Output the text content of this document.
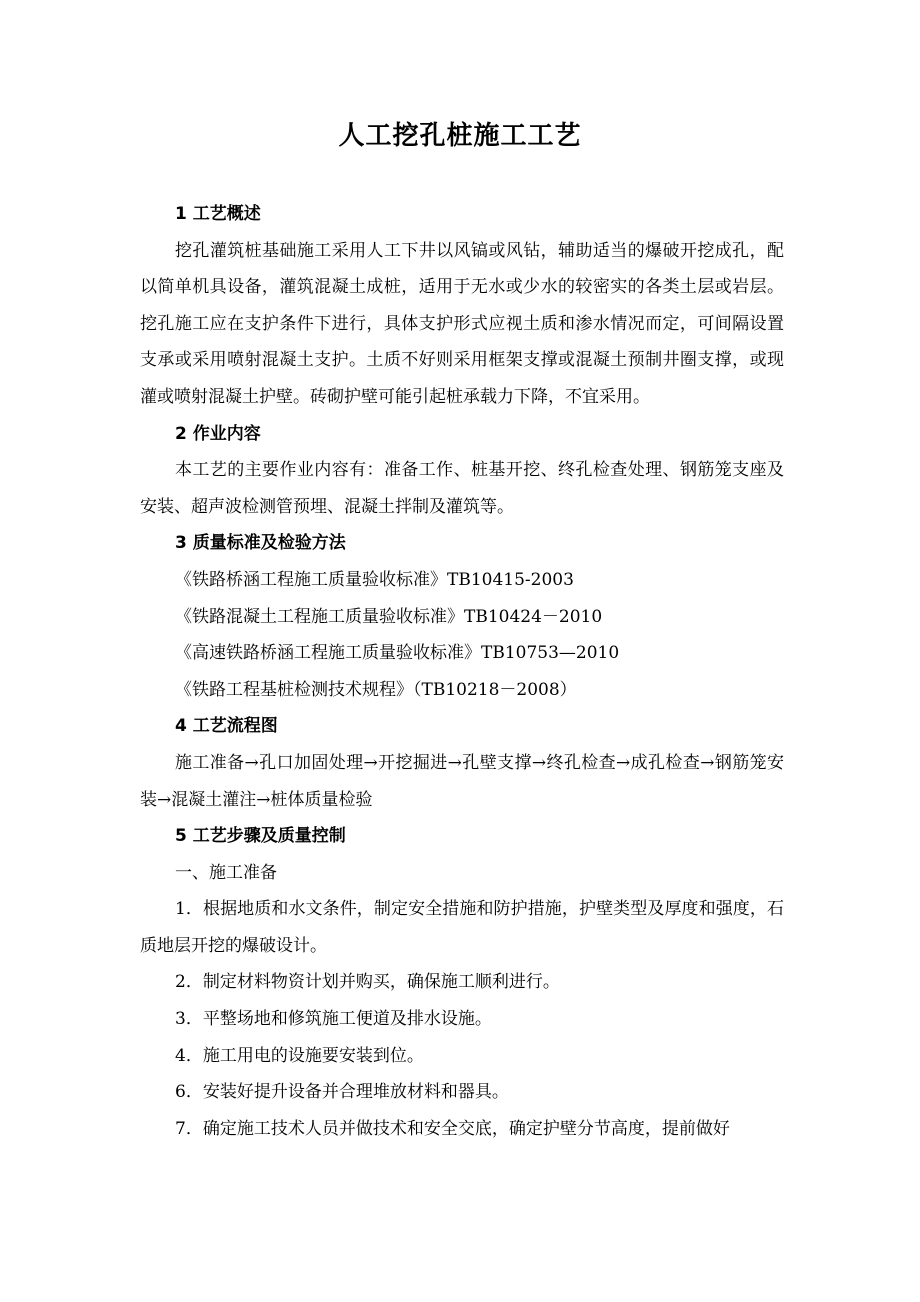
人工挖孔桩施工工艺

1 工艺概述

挖孔灌筑桩基础施工采用人工下井以风镐或风钻，辅助适当的爆破开挖成孔，配以简单机具设备，灌筑混凝土成桩，适用于无水或少水的较密实的各类土层或岩层。挖孔施工应在支护条件下进行，具体支护形式应视土质和渗水情况而定，可间隔设置支承或采用喷射混凝土支护。土质不好则采用框架支撑或混凝土预制井圈支撑，或现灌或喷射混凝土护壁。砖砌护壁可能引起桩承载力下降，不宜采用。

2 作业内容

本工艺的主要作业内容有：准备工作、桩基开挖、终孔检查处理、钢筋笼支座及安装、超声波检测管预埋、混凝土拌制及灌筑等。

3 质量标准及检验方法

《铁路桥涵工程施工质量验收标准》TB10415-2003

《铁路混凝土工程施工质量验收标准》TB10424－2010

《高速铁路桥涵工程施工质量验收标准》TB10753—2010

《铁路工程基桩检测技术规程》（TB10218－2008）

4 工艺流程图

施工准备→孔口加固处理→开挖掘进→孔壁支撑→终孔检查→成孔检查→钢筋笼安装→混凝土灌注→桩体质量检验

5 工艺步骤及质量控制

一、施工准备

1．根据地质和水文条件，制定安全措施和防护措施，护壁类型及厚度和强度，石质地层开挖的爆破设计。

2．制定材料物资计划并购买，确保施工顺利进行。

3．平整场地和修筑施工便道及排水设施。

4．施工用电的设施要安装到位。

6．安装好提升设备并合理堆放材料和器具。

7．确定施工技术人员并做技术和安全交底，确定护壁分节高度，提前做好
